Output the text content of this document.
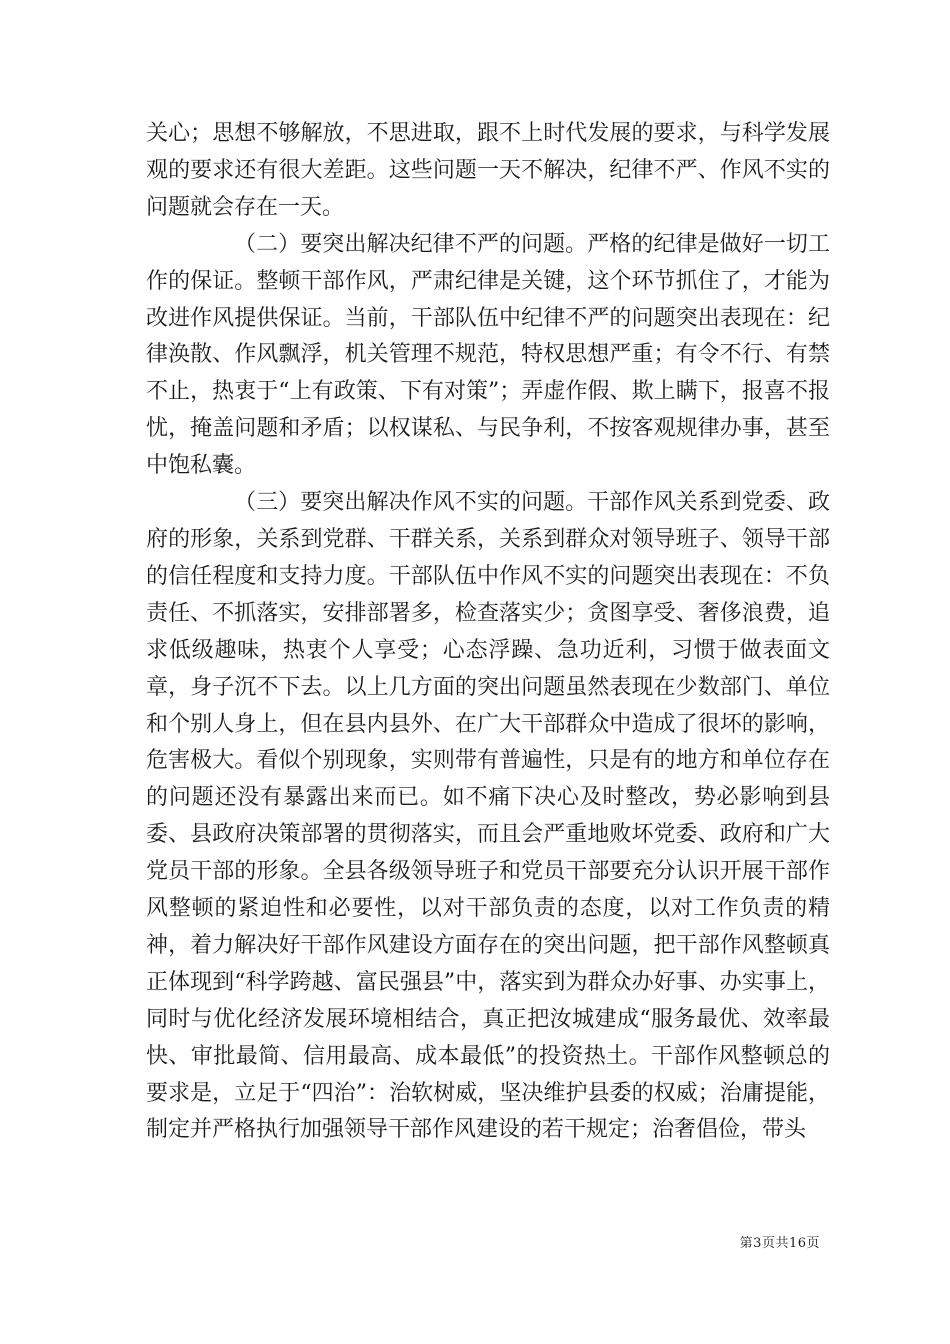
关心；思想不够解放，不思进取，跟不上时代发展的要求，与科学发展观的要求还有很大差距。这些问题一天不解决，纪律不严、作风不实的问题就会存在一天。

（二）要突出解决纪律不严的问题。严格的纪律是做好一切工作的保证。整顿干部作风，严肃纪律是关键，这个环节抓住了，才能为改进作风提供保证。当前，干部队伍中纪律不严的问题突出表现在：纪律涣散、作风飘浮，机关管理不规范，特权思想严重；有令不行、有禁不止，热衷于“上有政策、下有对策”；弄虚作假、欺上瞒下，报喜不报忧，掩盖问题和矛盾；以权谋私、与民争利，不按客观规律办事，甚至中饱私囊。

（三）要突出解决作风不实的问题。干部作风关系到党委、政府的形象，关系到党群、干群关系，关系到群众对领导班子、领导干部的信任程度和支持力度。干部队伍中作风不实的问题突出表现在：不负责任、不抓落实，安排部署多，检查落实少；贪图享受、奢侈浪费，追求低级趣味，热衷个人享受；心态浮躁、急功近利，习惯于做表面文章，身子沉不下去。以上几方面的突出问题虽然表现在少数部门、单位和个别人身上，但在县内县外、在广大干部群众中造成了很坏的影响，危害极大。看似个别现象，实则带有普遍性，只是有的地方和单位存在的问题还没有暴露出来而已。如不痛下决心及时整改，势必影响到县委、县政府决策部署的贯彻落实，而且会严重地败坏党委、政府和广大党员干部的形象。全县各级领导班子和党员干部要充分认识开展干部作风整顿的紧迫性和必要性，以对干部负责的态度，以对工作负责的精神，着力解决好干部作风建设方面存在的突出问题，把干部作风整顿真正体现到“科学跨越、富民强县”中，落实到为群众办好事、办实事上，同时与优化经济发展环境相结合，真正把汝城建成“服务最优、效率最快、审批最简、信用最高、成本最低”的投资热土。干部作风整顿总的要求是，立足于“四治”：治软树威，坚决维护县委的权威；治庸提能，制定并严格执行加强领导干部作风建设的若干规定；治奢倡俭，带头

第3页共16页
